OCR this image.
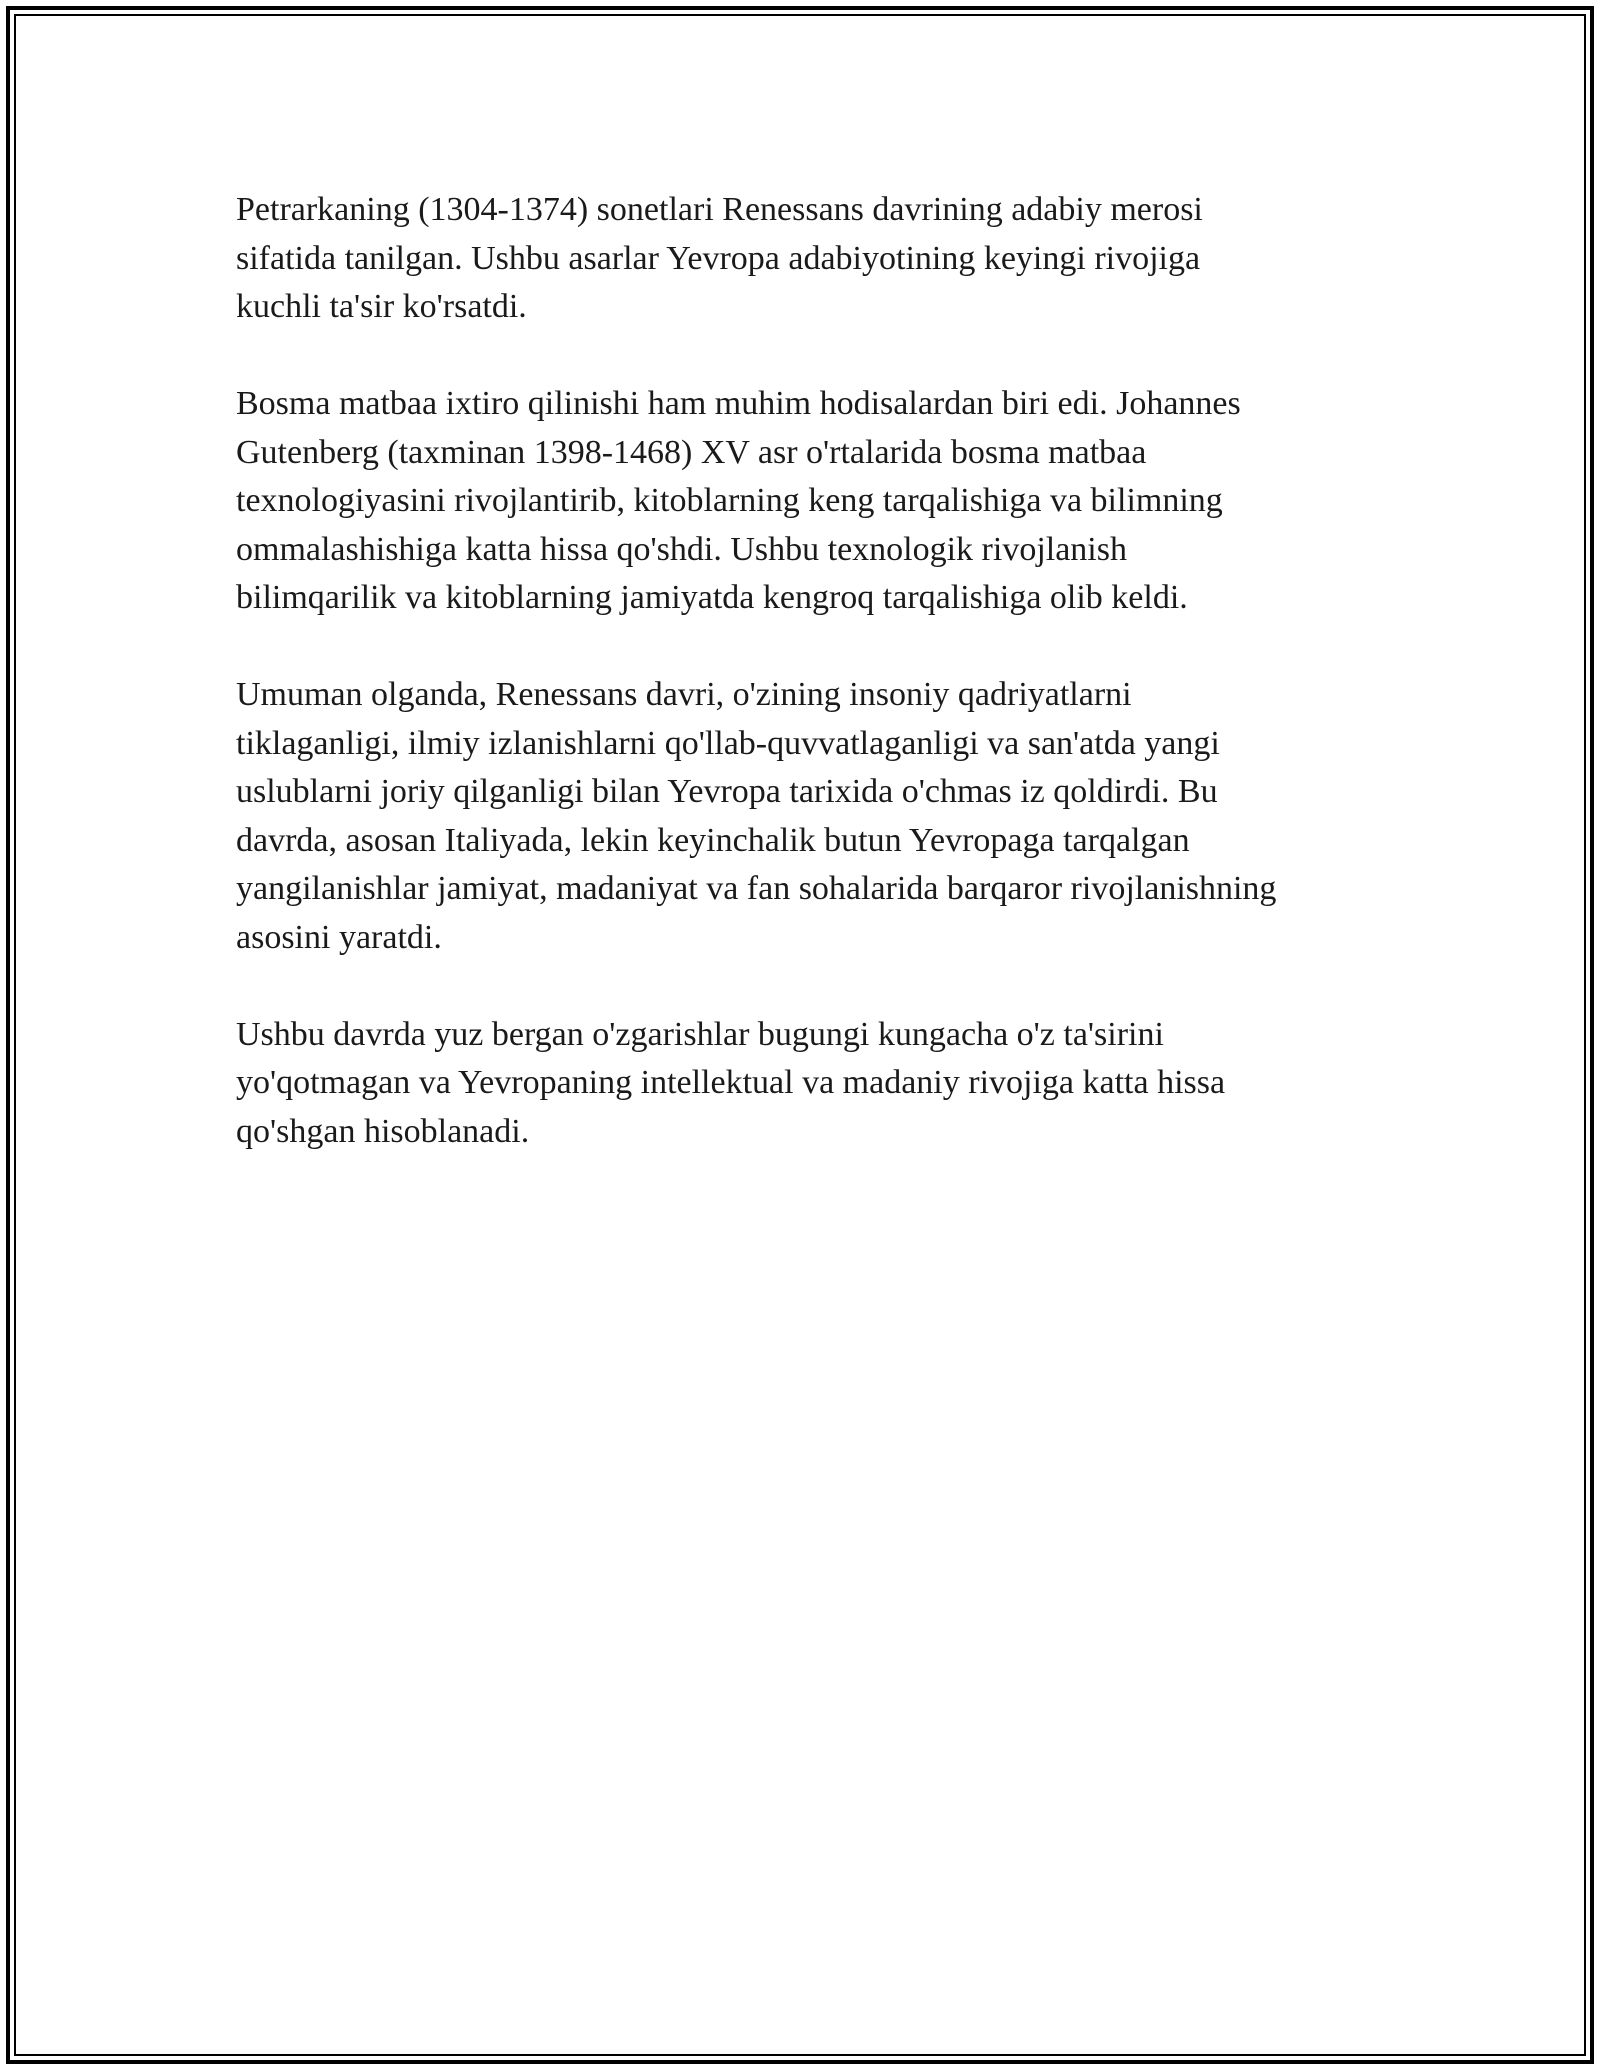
Petrarkaning (1304-1374) sonetlari Renessans davrining adabiy merosi
sifatida tanilgan. Ushbu asarlar Yevropa adabiyotining keyingi rivojiga
kuchli ta'sir ko'rsatdi.

Bosma matbaa ixtiro qilinishi ham muhim hodisalardan biri edi. Johannes
Gutenberg (taxminan 1398-1468) XV asr o'rtalarida bosma matbaa
texnologiyasini rivojlantirib, kitoblarning keng tarqalishiga va bilimning
ommalashishiga katta hissa qo'shdi. Ushbu texnologik rivojlanish
bilimqarilik va kitoblarning jamiyatda kengroq tarqalishiga olib keldi.

Umuman olganda, Renessans davri, o'zining insoniy qadriyatlarni
tiklaganligi, ilmiy izlanishlarni qo'llab-quvvatlaganligi va san'atda yangi
uslublarni joriy qilganligi bilan Yevropa tarixida o'chmas iz qoldirdi. Bu
davrda, asosan Italiyada, lekin keyinchalik butun Yevropaga tarqalgan
yangilanishlar jamiyat, madaniyat va fan sohalarida barqaror rivojlanishning
asosini yaratdi.

Ushbu davrda yuz bergan o'zgarishlar bugungi kungacha o'z ta'sirini
yo'qotmagan va Yevropaning intellektual va madaniy rivojiga katta hissa
qo'shgan hisoblanadi.
